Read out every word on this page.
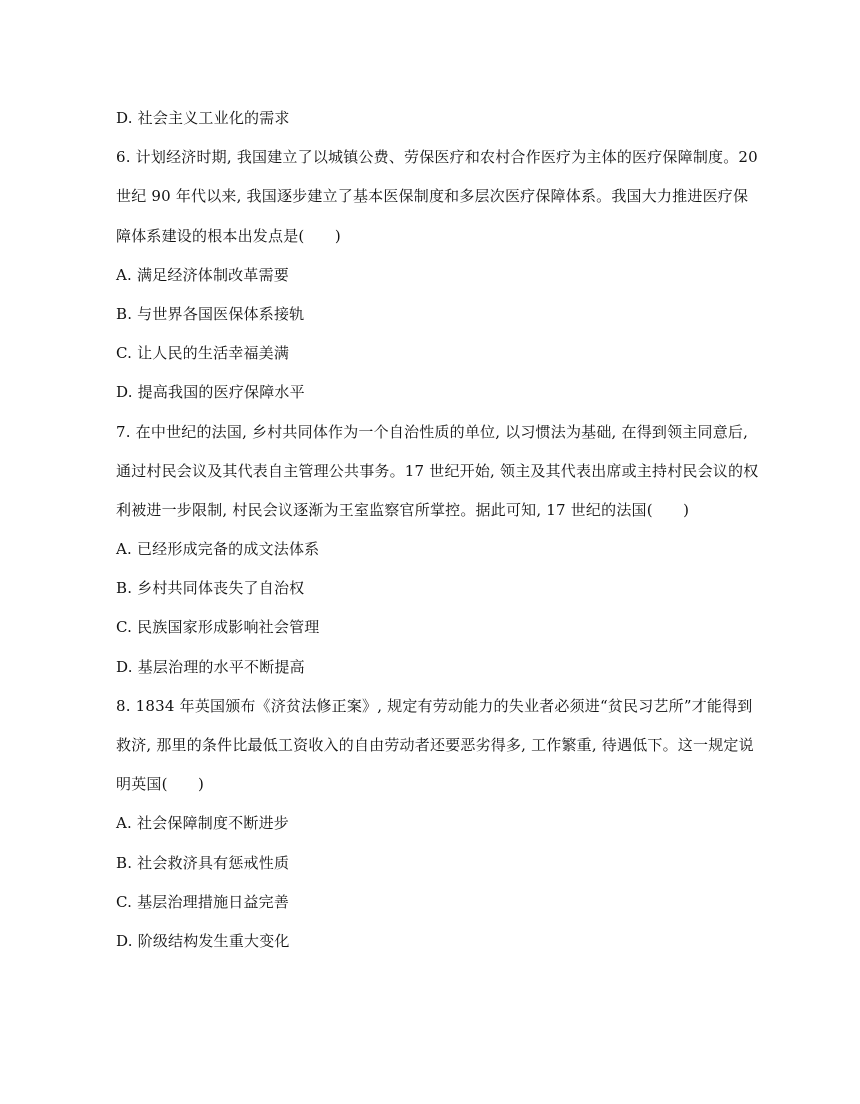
D. 社会主义工业化的需求
6. 计划经济时期, 我国建立了以城镇公费、劳保医疗和农村合作医疗为主体的医疗保障制度。20
世纪 90 年代以来, 我国逐步建立了基本医保制度和多层次医疗保障体系。我国大力推进医疗保
障体系建设的根本出发点是(　　)
A. 满足经济体制改革需要
B. 与世界各国医保体系接轨
C. 让人民的生活幸福美满
D. 提高我国的医疗保障水平
7. 在中世纪的法国, 乡村共同体作为一个自治性质的单位, 以习惯法为基础, 在得到领主同意后,
通过村民会议及其代表自主管理公共事务。17 世纪开始, 领主及其代表出席或主持村民会议的权
利被进一步限制, 村民会议逐渐为王室监察官所掌控。据此可知, 17 世纪的法国(　　)
A. 已经形成完备的成文法体系
B. 乡村共同体丧失了自治权
C. 民族国家形成影响社会管理
D. 基层治理的水平不断提高
8. 1834 年英国颁布《济贫法修正案》, 规定有劳动能力的失业者必须进“贫民习艺所”才能得到
救济, 那里的条件比最低工资收入的自由劳动者还要恶劣得多, 工作繁重, 待遇低下。这一规定说
明英国(　　)
A. 社会保障制度不断进步
B. 社会救济具有惩戒性质
C. 基层治理措施日益完善
D. 阶级结构发生重大变化
